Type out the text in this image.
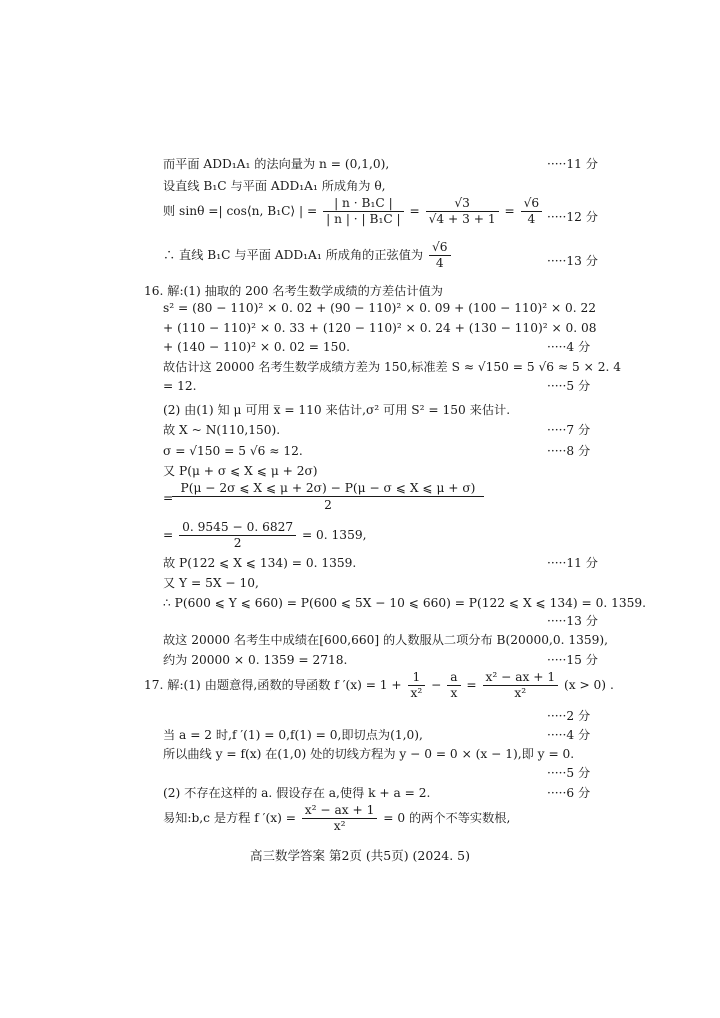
而平面 ADD₁A₁ 的法向量为 n = (0,1,0),	·····11 分
设直线 B₁C 与平面 ADD₁A₁ 所成角为 θ,
则 sinθ =| cos⟨n, B₁C⟩ | = $\frac{\text{| n · B₁C |}}{\text{| n | · | B₁C |}} = \frac{√3}{√4 + 3 + 1} = \frac{√6}{4} \cdot\cdot\cdot\cdot\cdot 12$ 分
∴ 直线 B₁C 与平面 ADD₁A₁ 所成角的正弦值为 $\frac{√6}{4}$	·····13 分
16. 解:(1) 抽取的 200 名考生数学成绩的方差估计值为
s² = (80 − 110)² × 0. 02 + (90 − 110)² × 0. 09 + (100 − 110)² × 0. 22
+ (110 − 110)² × 0. 33 + (120 − 110)² × 0. 24 + (130 − 110)² × 0. 08
+ (140 − 110)² × 0. 02 = 150.	·····4 分
故估计这 20000 名考生数学成绩方差为 150,标准差 S ≈ √150 = 5 √6 ≈ 5 × 2. 4
= 12.	·····5 分
(2) 由(1) 知 μ 可用 x̅ = 110 来估计,σ² 可用 S² = 150 来估计.
故 X ~ N(110,150).	·····7 分
σ = √150 = 5 √6 ≈ 12.	·····8 分
又 P(μ + σ ⩽ X ⩽ μ + 2σ)
=
$\frac{P(\mu - 2\sigma ⩽ X ⩽ \mu + 2\sigma) - P(\mu - \sigma ⩽ X ⩽ \mu + \sigma)}{2}$
= $\frac{0. 9545 - 0. 6827}{2} = 0$. 1359,
故 P(122 ⩽ X ⩽ 134) = 0. 1359.	·····11 分
又 Y = 5X − 10,
∴ P(600 ⩽ Y ⩽ 660) = P(600 ⩽ 5X − 10 ⩽ 660) = P(122 ⩽ X ⩽ 134) = 0. 1359.
·····13 分
故这 20000 名考生中成绩在[600,660] 的人数服从二项分布 B(20000,0. 1359),
约为 20000 × 0. 1359 = 2718.	·····15 分
17. 解:(1) 由题意得,函数的导函数 f $'(x) = 1 + \frac{1}{\text{x²}} - \frac{a}{x} = \frac{\text{x² − ax + 1}}{\text{x²}} (x > 0)$ .
·····2 分
当 a = 2 时,f ′(1) = 0,f(1) = 0,即切点为(1,0),	·····4 分
所以曲线 y = f(x) 在(1,0) 处的切线方程为 y − 0 = 0 × (x − 1),即 y = 0.
·····5 分
(2) 不存在这样的 a. 假设存在 a,使得 k + a = 2.	·····6 分
易知:b,c 是方程 f $'(x) = \frac{\text{x² − ax + 1}}{\text{x²}} = 0$ 的两个不等实数根,
高三数学答案 第2页 (共5页) (2024. 5)
